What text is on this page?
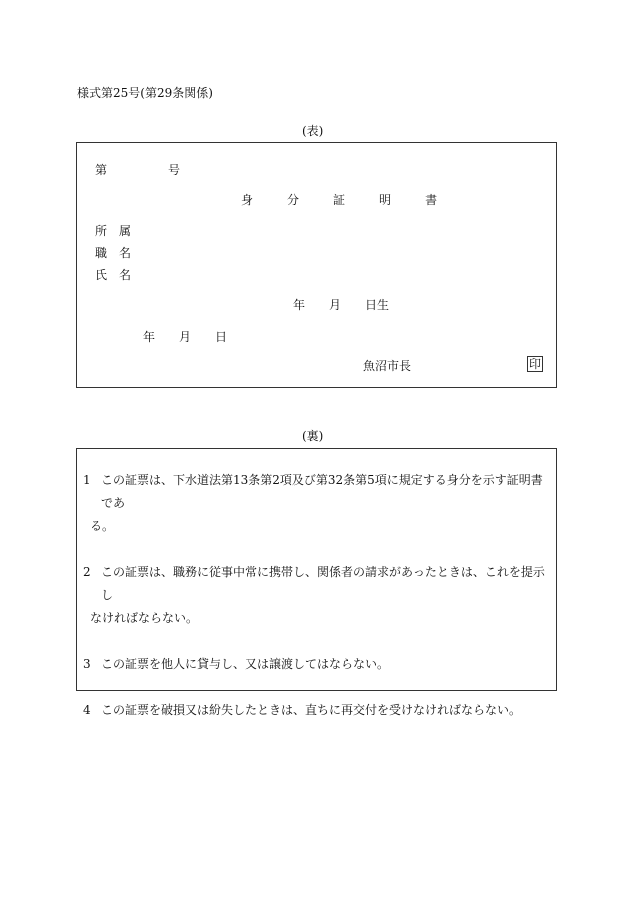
様式第25号(第29条関係)
(表)
第	号
身	分	証	明	書
所　属
職　名
氏　名
年　　月　　日生
年　　月　　日
魚沼市長	印
(裏)
1 この証票は、下水道法第13条第2項及び第32条第5項に規定する身分を示す証明書であ
る。
2 この証票は、職務に従事中常に携帯し、関係者の請求があったときは、これを提示し
なければならない。
3 この証票を他人に貸与し、又は譲渡してはならない。
4 この証票を破損又は紛失したときは、直ちに再交付を受けなければならない。
